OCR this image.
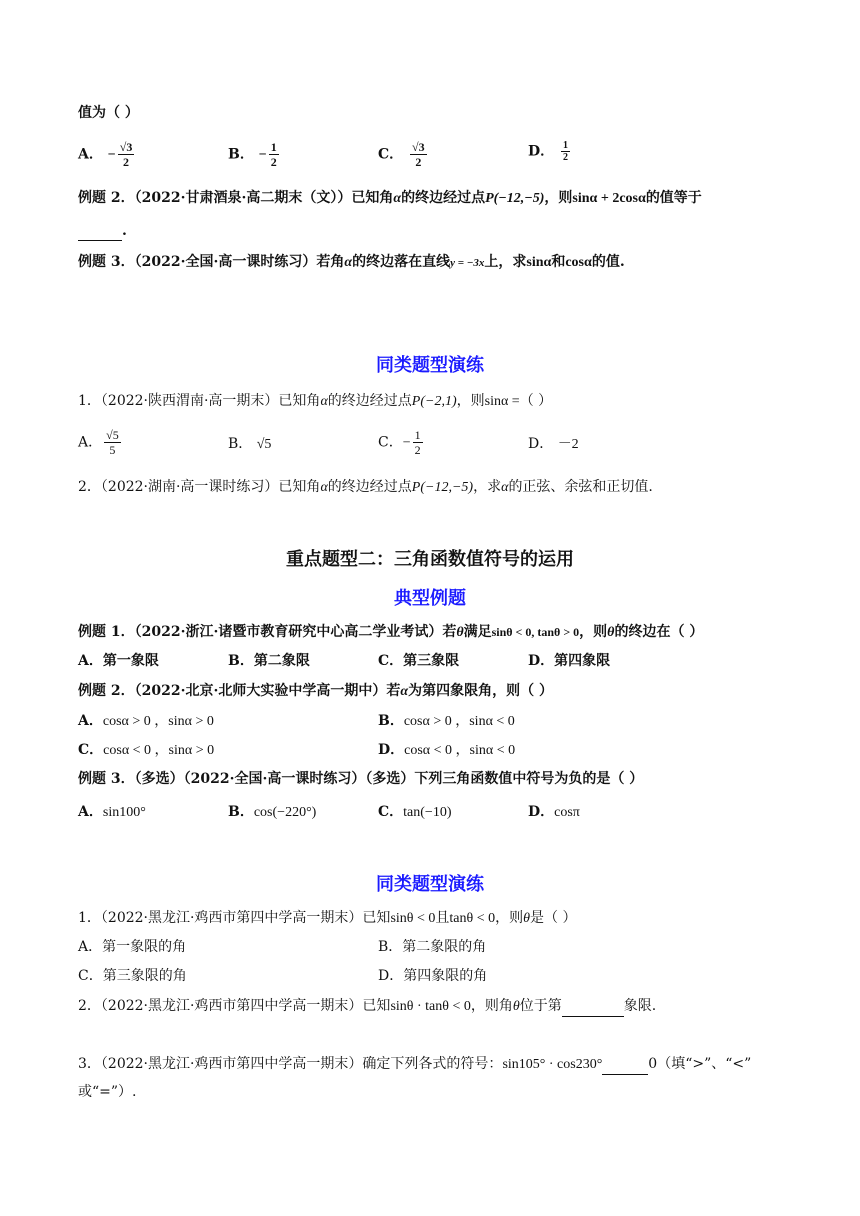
值为（ ）
A． − $\frac{√3}{2}$	B． − $\frac{1}{2}$	C． $\frac{√3}{2}$	D． $\frac{1}{2}$
例题 2．（2022·甘肃酒泉·高二期末（文））已知角α的终边经过点P(−12,−5)，则sinα + 2cosα的值等于
.
例题 3．（2022·全国·高一课时练习）若角α的终边落在直线y = −3x上，求sinα和cosα的值.
同类题型演练
1．（2022·陕西渭南·高一期末）已知角α的终边经过点P(−2,1)，则sinα =（ ）
A． $\frac{√5}{5}$	B． √5	C．− $\frac{1}{2}$	D． －2
2．（2022·湖南·高一课时练习）已知角α的终边经过点P(−12,−5)，求α的正弦、余弦和正切值.
重点题型二：三角函数值符号的运用
典型例题
例题 1．（2022·浙江·诸暨市教育研究中心高二学业考试）若θ满足sinθ < 0, tanθ > 0，则θ的终边在（ ）
A．第一象限	B．第二象限	C．第三象限	D．第四象限
例题 2．（2022·北京·北师大实验中学高一期中）若α为第四象限角，则（ ）
A．cosα > 0 ，sinα > 0	B．cosα > 0 ，sinα < 0
C．cosα < 0 ，sinα > 0	D．cosα < 0 ，sinα < 0
例题 3．（多选）（2022·全国·高一课时练习）（多选）下列三角函数值中符号为负的是（ ）
A．sin100°	B．cos(−220°)	C．tan(−10)	D．cosπ
同类题型演练
1．（2022·黑龙江·鸡西市第四中学高一期末）已知sinθ < 0且tanθ < 0，则θ是（ ）
A．第一象限的角	B．第二象限的角
C．第三象限的角	D．第四象限的角
2．（2022·黑龙江·鸡西市第四中学高一期末）已知sinθ · tanθ < 0，则角θ位于第	象限.
3．（2022·黑龙江·鸡西市第四中学高一期末）确定下列各式的符号：sin105° · cos230°	0（填“>”、“<”
或“=”）.
